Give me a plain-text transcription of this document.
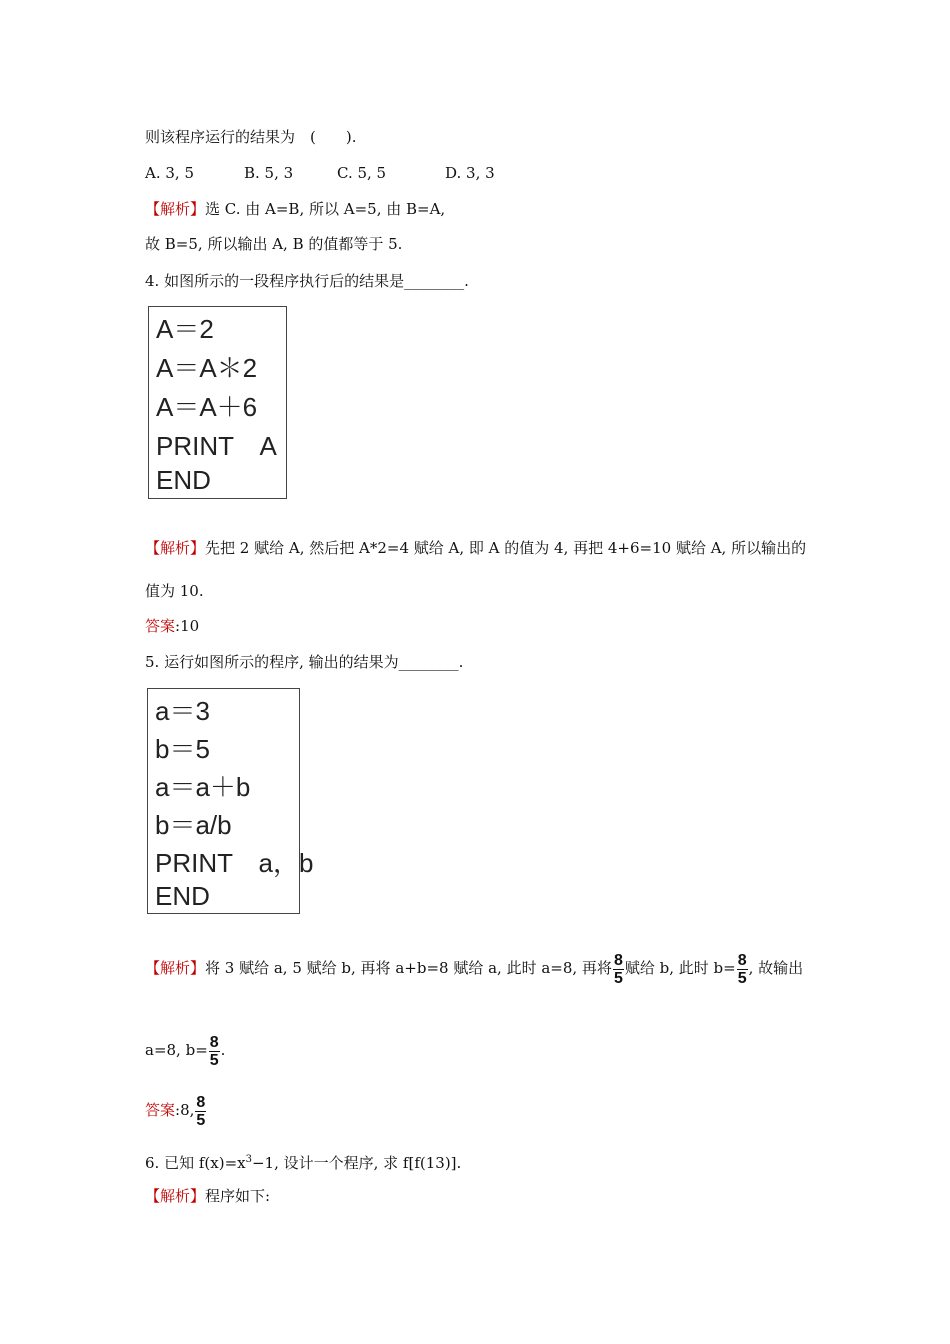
则该程序运行的结果为　(　　).
A. 3, 5	B. 5, 3	C. 5, 5	D. 3, 3
【解析】选 C. 由 A=B, 所以 A=5, 由 B=A,
故 B=5, 所以输出 A, B 的值都等于 5.
4. 如图所示的一段程序执行后的结果是________.
A＝2
A＝A＊2
A＝A＋6
PRINT　A
END
【解析】先把 2 赋给 A, 然后把 A*2=4 赋给 A, 即 A 的值为 4, 再把 4+6=10 赋给 A, 所以输出的
值为 10.
答案:10
5. 运行如图所示的程序, 输出的结果为________.
a＝3
b＝5
a＝a＋b
b＝a/b
PRINT　a，b
END
【解析】将 3 赋给 a, 5 赋给 b, 再将 a+b=8 赋给 a, 此时 a=8, 再将 $\frac{8}{5}$ 赋给 b, 此时 $b= \frac{8}{5}$ , 故输出
a=8, $b= \frac{8}{5}$ .
答案:8, $\frac{8}{5}$
6. 已知 $f(x)=x^3-1$, 设计一个程序, 求 f[f(13)].
【解析】程序如下:
